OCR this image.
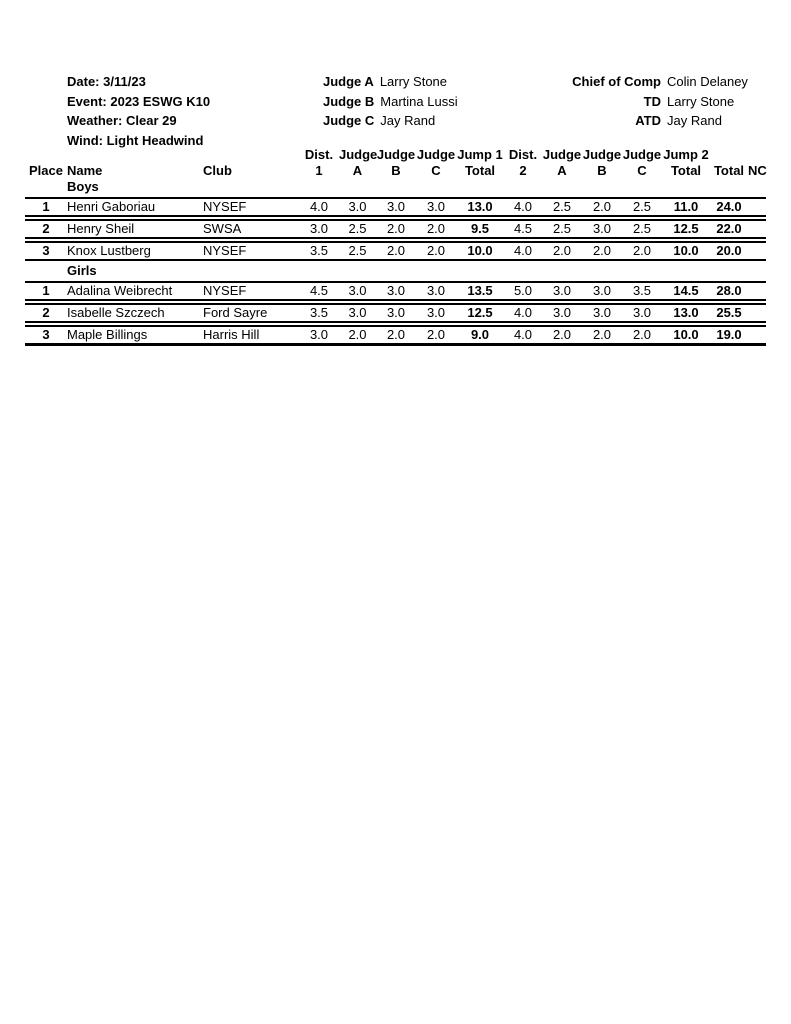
Date:
3/11/23
Event:
2023 ESWG K10
Weather:
Clear 29
Wind:
Light Headwind
Judge A Larry Stone
Judge B Martina Lussi
Judge C Jay Rand
Chief of Comp Colin Delaney
TD Larry Stone
ATD Jay Rand
Dist. Judge Judge Judge Jump 1 Dist. Judge Judge Judge Jump 2
Place Name	Club	1	A	B	C	Total	2	A	B	C	Total Total NC
Boys
1	Henri Gaboriau	NYSEF	4.0	3.0	3.0	3.0	13.0	4.0	2.5	2.0	2.5	11.0	24.0
2	Henry Sheil	SWSA	3.0	2.5	2.0	2.0	9.5	4.5	2.5	3.0	2.5	12.5	22.0
3	Knox Lustberg	NYSEF	3.5	2.5	2.0	2.0	10.0	4.0	2.0	2.0	2.0	10.0	20.0
Girls
1	Adalina Weibrecht	NYSEF	4.5	3.0	3.0	3.0	13.5	5.0	3.0	3.0	3.5	14.5	28.0
2	Isabelle Szczech	Ford Sayre	3.5	3.0	3.0	3.0	12.5	4.0	3.0	3.0	3.0	13.0	25.5
3	Maple Billings	Harris Hill	3.0	2.0	2.0	2.0	9.0	4.0	2.0	2.0	2.0	10.0	19.0
